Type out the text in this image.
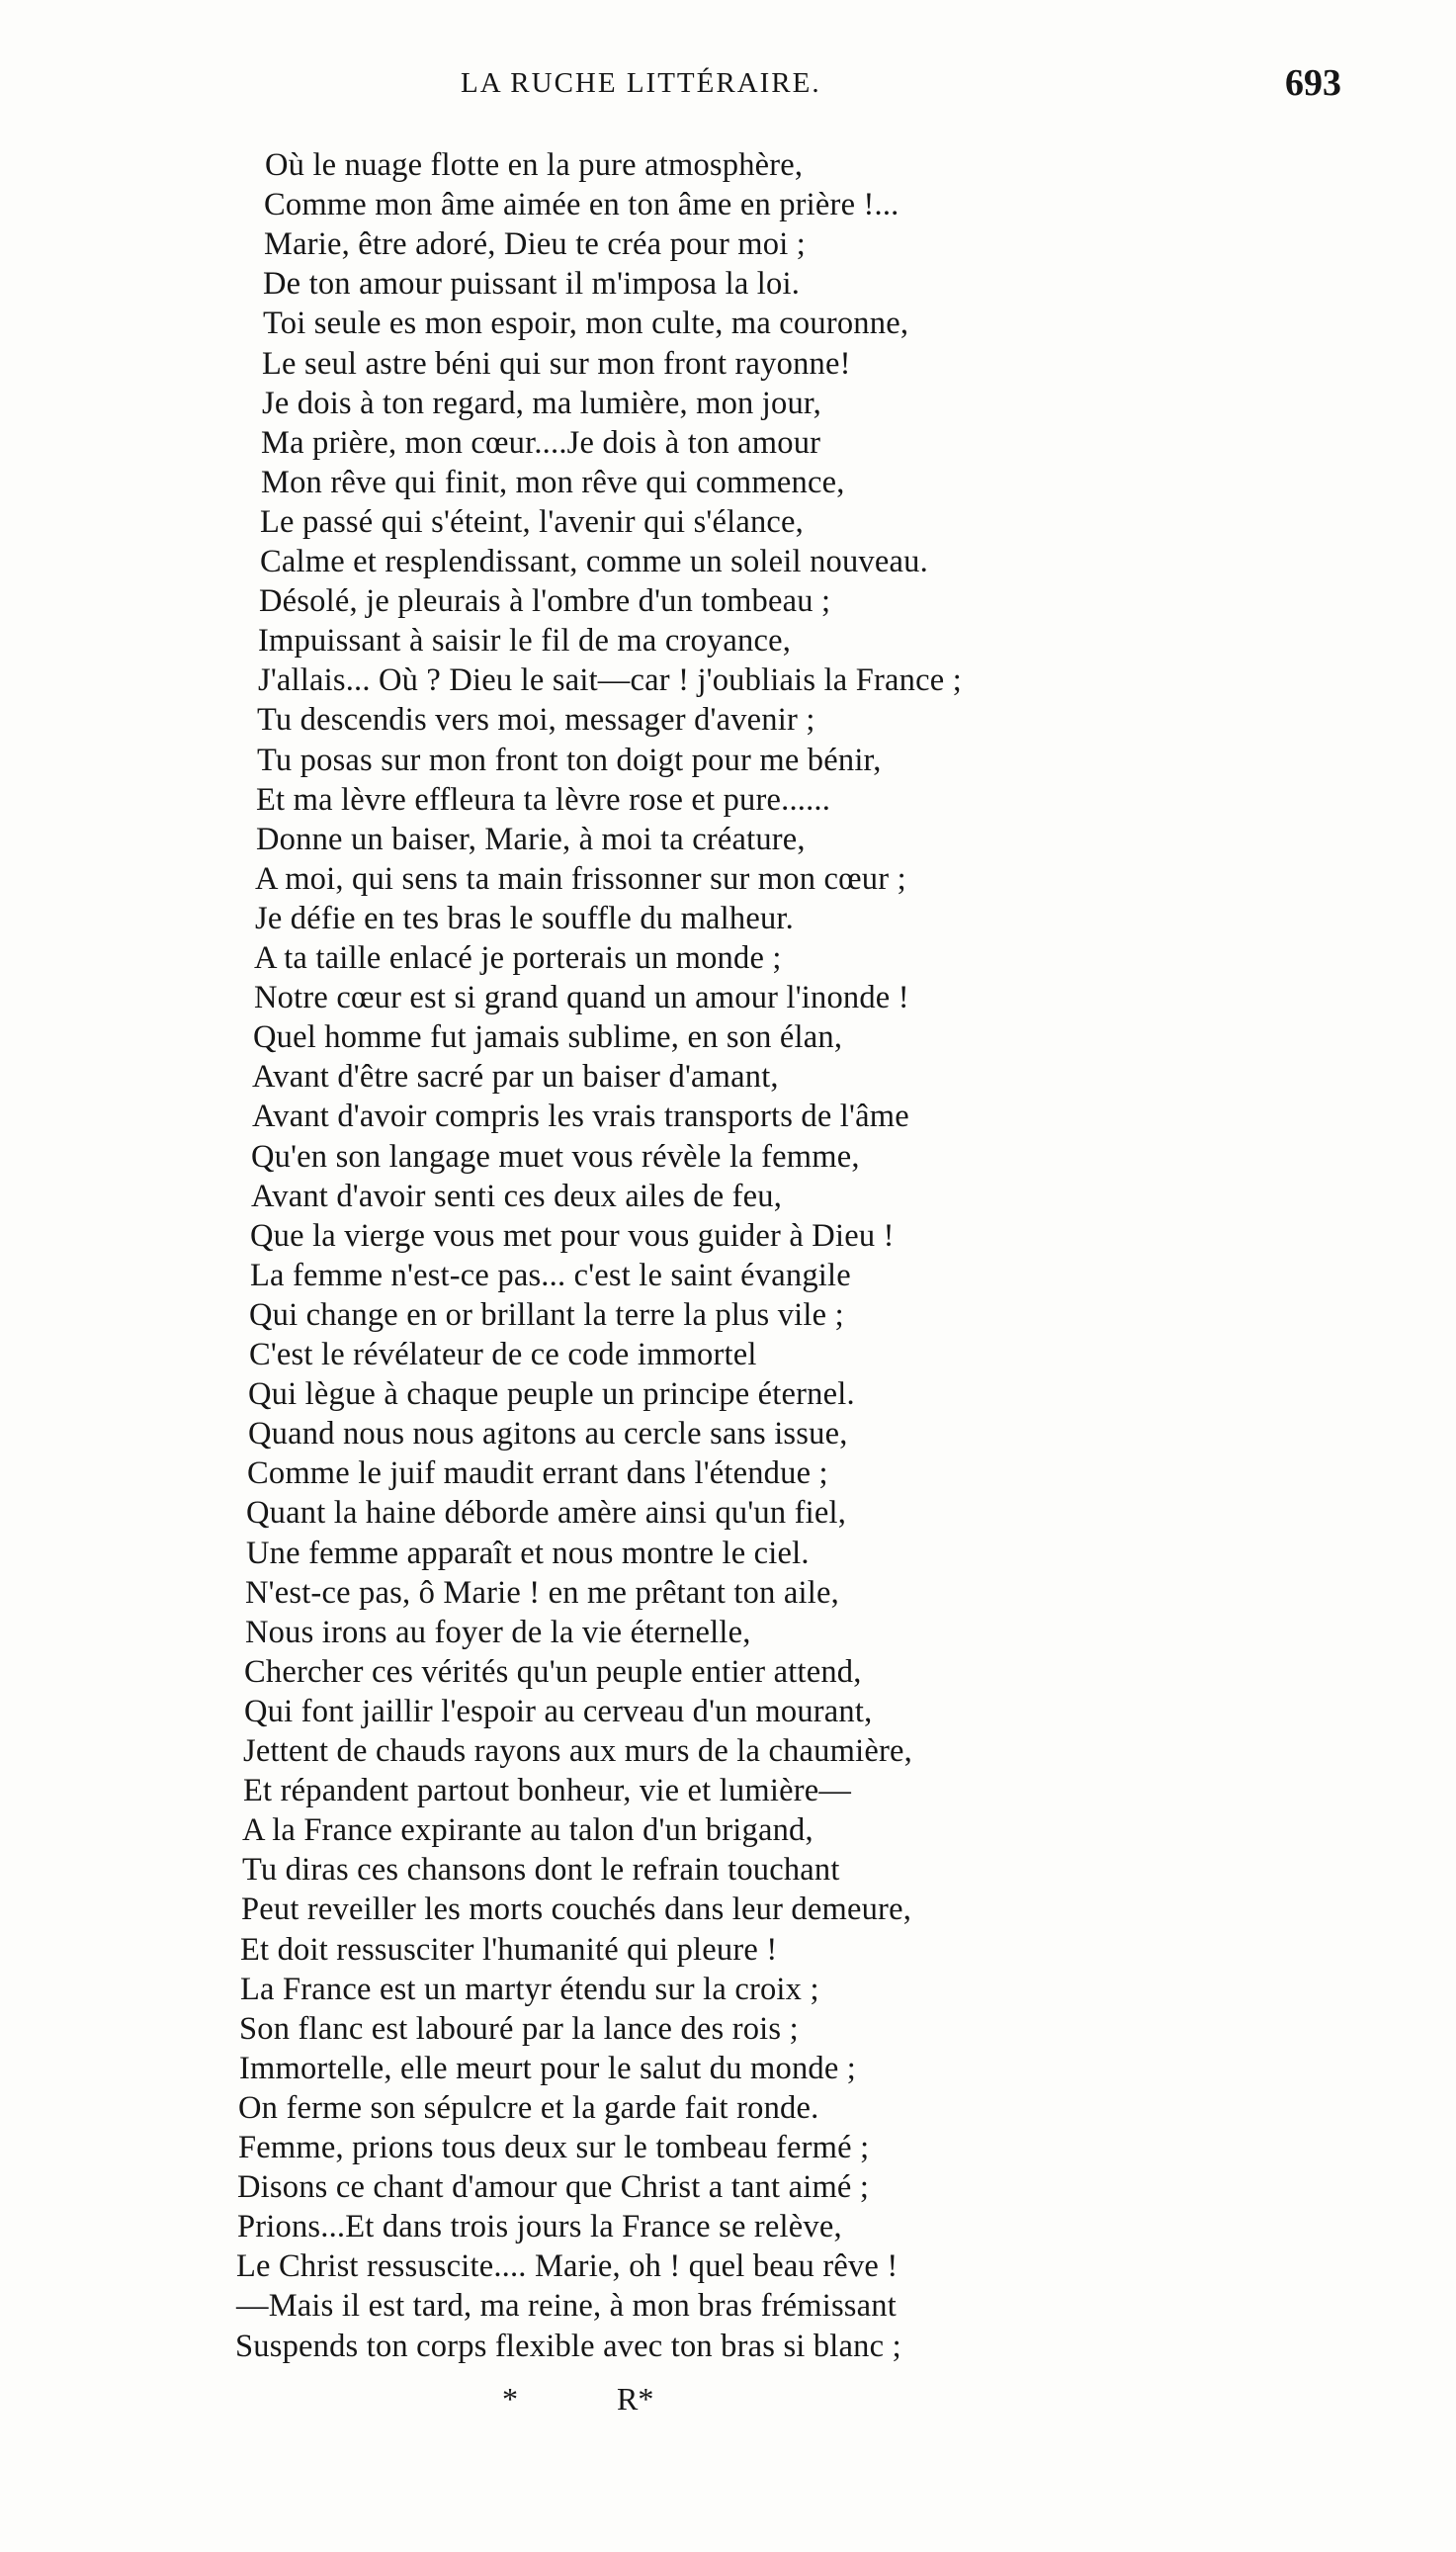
LA RUCHE LITTÉRAIRE.	693
Où le nuage flotte en la pure atmosphère,
Comme mon âme aimée en ton âme en prière !...
Marie, être adoré, Dieu te créa pour moi ;
De ton amour puissant il m'imposa la loi.
Toi seule es mon espoir, mon culte, ma couronne,
Le seul astre béni qui sur mon front rayonne!
Je dois à ton regard, ma lumière, mon jour,
Ma prière, mon cœur....Je dois à ton amour
Mon rêve qui finit, mon rêve qui commence,
Le passé qui s'éteint, l'avenir qui s'élance,
Calme et resplendissant, comme un soleil nouveau.
Désolé, je pleurais à l'ombre d'un tombeau ;
Impuissant à saisir le fil de ma croyance,
J'allais... Où ? Dieu le sait—car ! j'oubliais la France ;
Tu descendis vers moi, messager d'avenir ;
Tu posas sur mon front ton doigt pour me bénir,
Et ma lèvre effleura ta lèvre rose et pure......
Donne un baiser, Marie, à moi ta créature,
A moi, qui sens ta main frissonner sur mon cœur ;
Je défie en tes bras le souffle du malheur.
A ta taille enlacé je porterais un monde ;
Notre cœur est si grand quand un amour l'inonde !
Quel homme fut jamais sublime, en son élan,
Avant d'être sacré par un baiser d'amant,
Avant d'avoir compris les vrais transports de l'âme
Qu'en son langage muet vous révèle la femme,
Avant d'avoir senti ces deux ailes de feu,
Que la vierge vous met pour vous guider à Dieu !
La femme n'est-ce pas... c'est le saint évangile
Qui change en or brillant la terre la plus vile ;
C'est le révélateur de ce code immortel
Qui lègue à chaque peuple un principe éternel.
Quand nous nous agitons au cercle sans issue,
Comme le juif maudit errant dans l'étendue ;
Quant la haine déborde amère ainsi qu'un fiel,
Une femme apparaît et nous montre le ciel.
N'est-ce pas, ô Marie ! en me prêtant ton aile,
Nous irons au foyer de la vie éternelle,
Chercher ces vérités qu'un peuple entier attend,
Qui font jaillir l'espoir au cerveau d'un mourant,
Jettent de chauds rayons aux murs de la chaumière,
Et répandent partout bonheur, vie et lumière—
A la France expirante au talon d'un brigand,
Tu diras ces chansons dont le refrain touchant
Peut reveiller les morts couchés dans leur demeure,
Et doit ressusciter l'humanité qui pleure !
La France est un martyr étendu sur la croix ;
Son flanc est labouré par la lance des rois ;
Immortelle, elle meurt pour le salut du monde ;
On ferme son sépulcre et la garde fait ronde.
Femme, prions tous deux sur le tombeau fermé ;
Disons ce chant d'amour que Christ a tant aimé ;
Prions...Et dans trois jours la France se relève,
Le Christ ressuscite.... Marie, oh ! quel beau rêve !
—Mais il est tard, ma reine, à mon bras frémissant
Suspends ton corps flexible avec ton bras si blanc ;
*	R*
